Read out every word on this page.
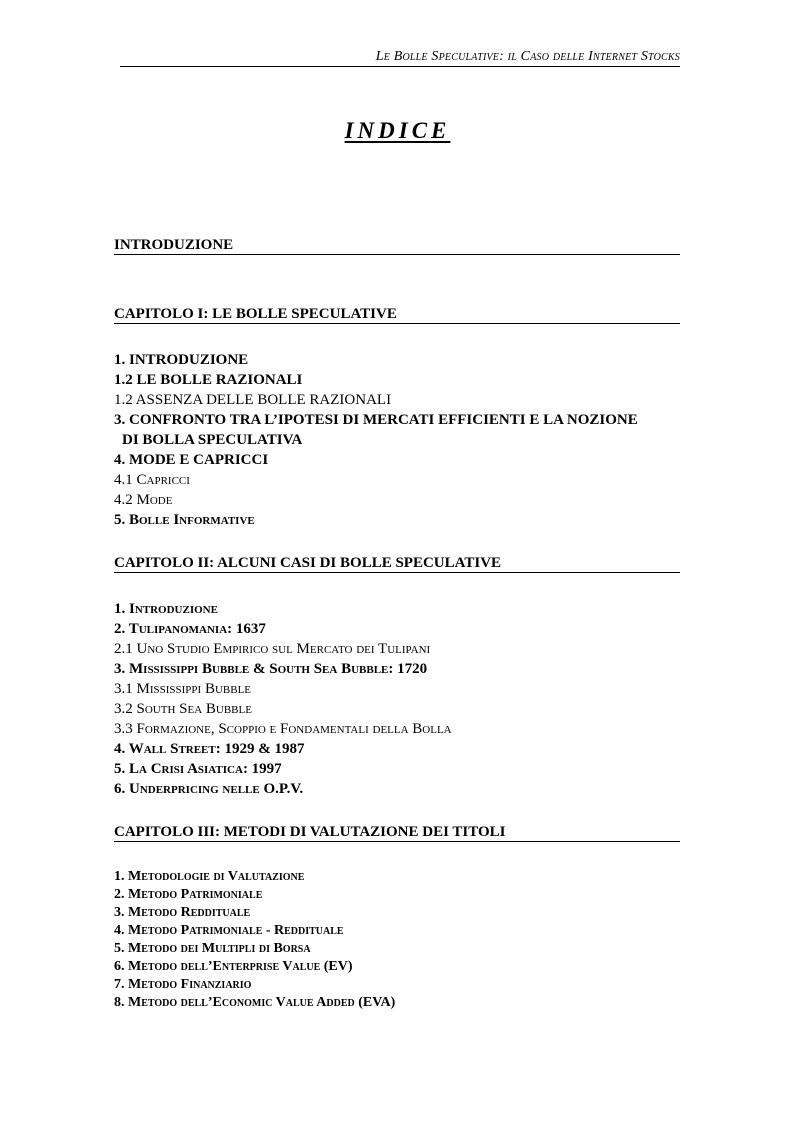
Le Bolle Speculative: il Caso delle Internet Stocks
INDICE
INTRODUZIONE
CAPITOLO I: LE BOLLE SPECULATIVE
1. INTRODUZIONE
1.2 LE BOLLE RAZIONALI
1.2 ASSENZA DELLE BOLLE RAZIONALI
3. CONFRONTO TRA L’IPOTESI DI MERCATI EFFICIENTI E LA NOZIONE
DI BOLLA SPECULATIVA
4. MODE E CAPRICCI
4.1 Capricci
4.2 Mode
5. Bolle Informative
CAPITOLO II: ALCUNI CASI DI BOLLE SPECULATIVE
1. Introduzione
2. Tulipanomania: 1637
2.1 Uno Studio Empirico sul Mercato dei Tulipani
3. Mississippi Bubble & South Sea Bubble: 1720
3.1 Mississippi Bubble
3.2 South Sea Bubble
3.3 Formazione, Scoppio e Fondamentali della Bolla
4. Wall Street: 1929 & 1987
5. La Crisi Asiatica: 1997
6. Underpricing nelle O.P.V.
CAPITOLO III: METODI DI VALUTAZIONE DEI TITOLI
1. Metodologie di Valutazione
2. Metodo Patrimoniale
3. Metodo Reddituale
4. Metodo Patrimoniale - Reddituale
5. Metodo dei Multipli di Borsa
6. Metodo dell’Enterprise Value (EV)
7. Metodo Finanziario
8. Metodo dell’Economic Value Added (EVA)
